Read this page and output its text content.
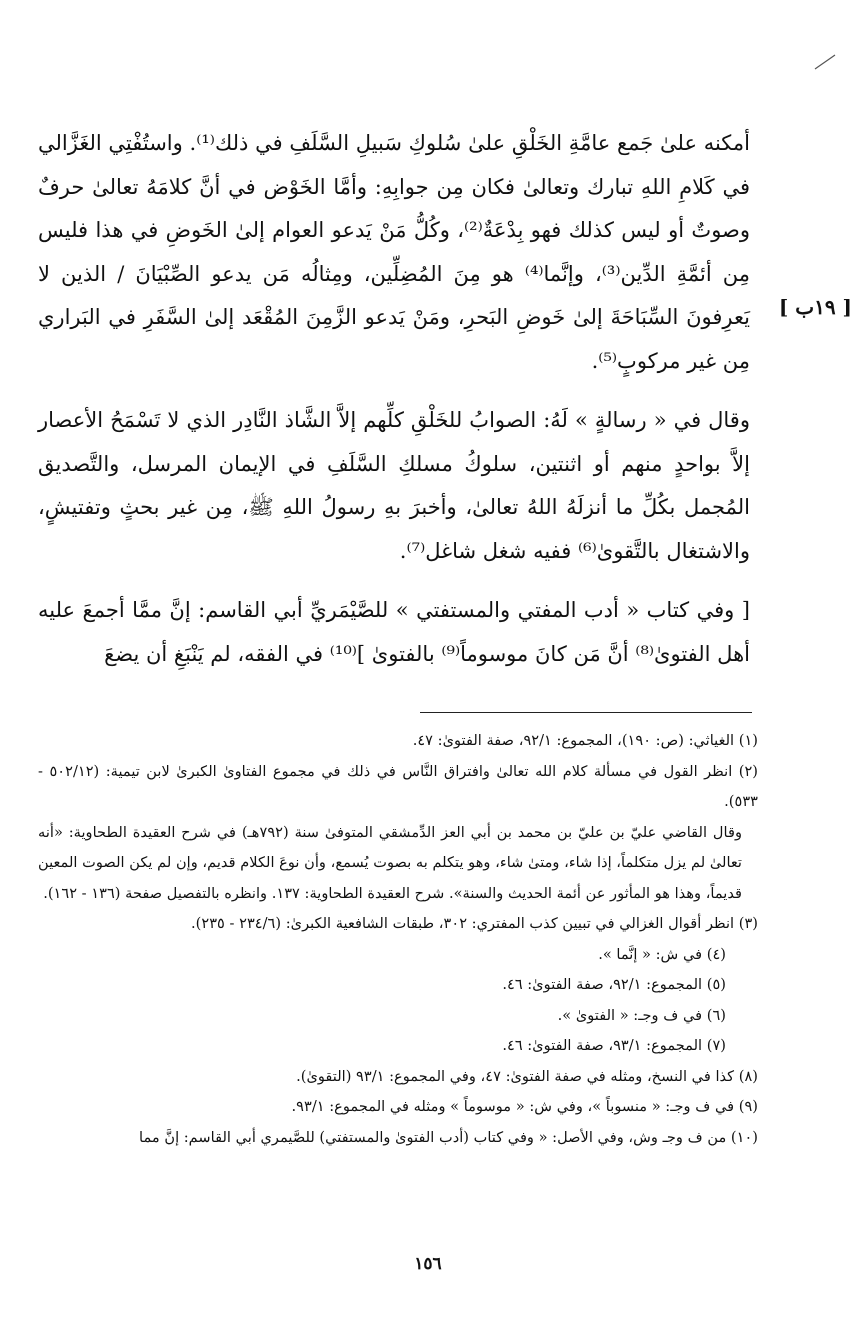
أمكنه علىٰ جَمع عامَّةِ الخَلْقِ علىٰ سُلوكِ سَبيلِ السَّلَفِ في ذلك⁽¹⁾. واستُفْتِي الغَزَّالي في كَلامِ اللهِ تبارك وتعالىٰ فكان مِن جوابِهِ: وأمَّا الخَوْض في أنَّ كلامَهُ تعالىٰ حرفٌ وصوتٌ أو ليس كذلك فهو بِدْعَةٌ⁽²⁾، وكُلُّ مَنْ يَدعو العوام إلىٰ الخَوضِ في هذا فليس مِن أئمَّةِ الدِّين⁽³⁾، وإنَّما⁽⁴⁾ هو مِنَ المُضِلِّين، ومِثالُه مَن يدعو الصِّبْيَانَ / الذين لا يَعرِفونَ السِّبَاحَةَ إلىٰ خَوضِ البَحرِ، ومَنْ يَدعو الزَّمِنَ المُقْعَد إلىٰ السَّفَرِ في البَراري مِن غير مركوبٍ⁽⁵⁾.

وقال في « رسالةٍ » لَهُ: الصوابُ للخَلْقِ كلِّهم إلاَّ الشَّاذ النَّادِر الذي لا تَسْمَحُ الأعصار إلاَّ بواحدٍ منهم أو اثنتين، سلوكُ مسلكِ السَّلَفِ في الإيمان المرسل، والتَّصديق المُجمل بكُلِّ ما أنزلَهُ اللهُ تعالىٰ، وأخبرَ بهِ رسولُ اللهِ ﷺ، مِن غير بحثٍ وتفتيشٍ، والاشتغال بالتَّقوىٰ⁽⁶⁾ ففيه شغل شاغل⁽⁷⁾.

[ وفي كتاب « أدب المفتي والمستفتي » للصَّيْمَريِّ أبي القاسم: إنَّ ممَّا أجمعَ عليه أهل الفتوىٰ⁽⁸⁾ أنَّ مَن كانَ موسوماً⁽⁹⁾ بالفتوىٰ ]⁽¹⁰⁾ في الفقه، لم يَنْبَغِ أن يضعَ

[ ١٩ب ]

(١) الغياثي: (ص: ١٩٠)، المجموع: ٩٢/١، صفة الفتوىٰ: ٤٧.

(٢) انظر القول في مسألة كلام الله تعالىٰ وافتراق النَّاس في ذلك في مجموع الفتاوىٰ الكبرىٰ لابن تيمية: (٥٠٢/١٢ - ٥٣٣).

وقال القاضي عليّ بن عليّ بن محمد بن أبي العز الدِّمشقي المتوفىٰ سنة (٧٩٢هـ) في شرح العقيدة الطحاوية: «أنه تعالىٰ لم يزل متكلماً، إذا شاء، ومتىٰ شاء، وهو يتكلم به بصوت يُسمع، وأن نوعَ الكلام قديم، وإن لم يكن الصوت المعين قديماً، وهذا هو المأثور عن أئمة الحديث والسنة». شرح العقيدة الطحاوية: ١٣٧. وانظره بالتفصيل صفحة (١٣٦ - ١٦٢).

(٣) انظر أقوال الغزالي في تبيين كذب المفتري: ٣٠٢، طبقات الشافعية الكبرىٰ: (٢٣٤/٦ - ٢٣٥).

(٤) في ش: « إنَّما ».

(٥) المجموع: ٩٢/١، صفة الفتوىٰ: ٤٦.

(٦) في ف وجـ: « الفتوىٰ ».

(٧) المجموع: ٩٣/١، صفة الفتوىٰ: ٤٦.

(٨) كذا في النسخ، ومثله في صفة الفتوىٰ: ٤٧، وفي المجموع: ٩٣/١ (التقوىٰ).

(٩) في ف وجـ: « منسوباً »، وفي ش: « موسوماً » ومثله في المجموع: ٩٣/١.

(١٠) من ف وجـ وش، وفي الأصل: « وفي كتاب (أدب الفتوىٰ والمستفتي) للصَّيمري أبي القاسم: إنَّ مما

١٥٦
